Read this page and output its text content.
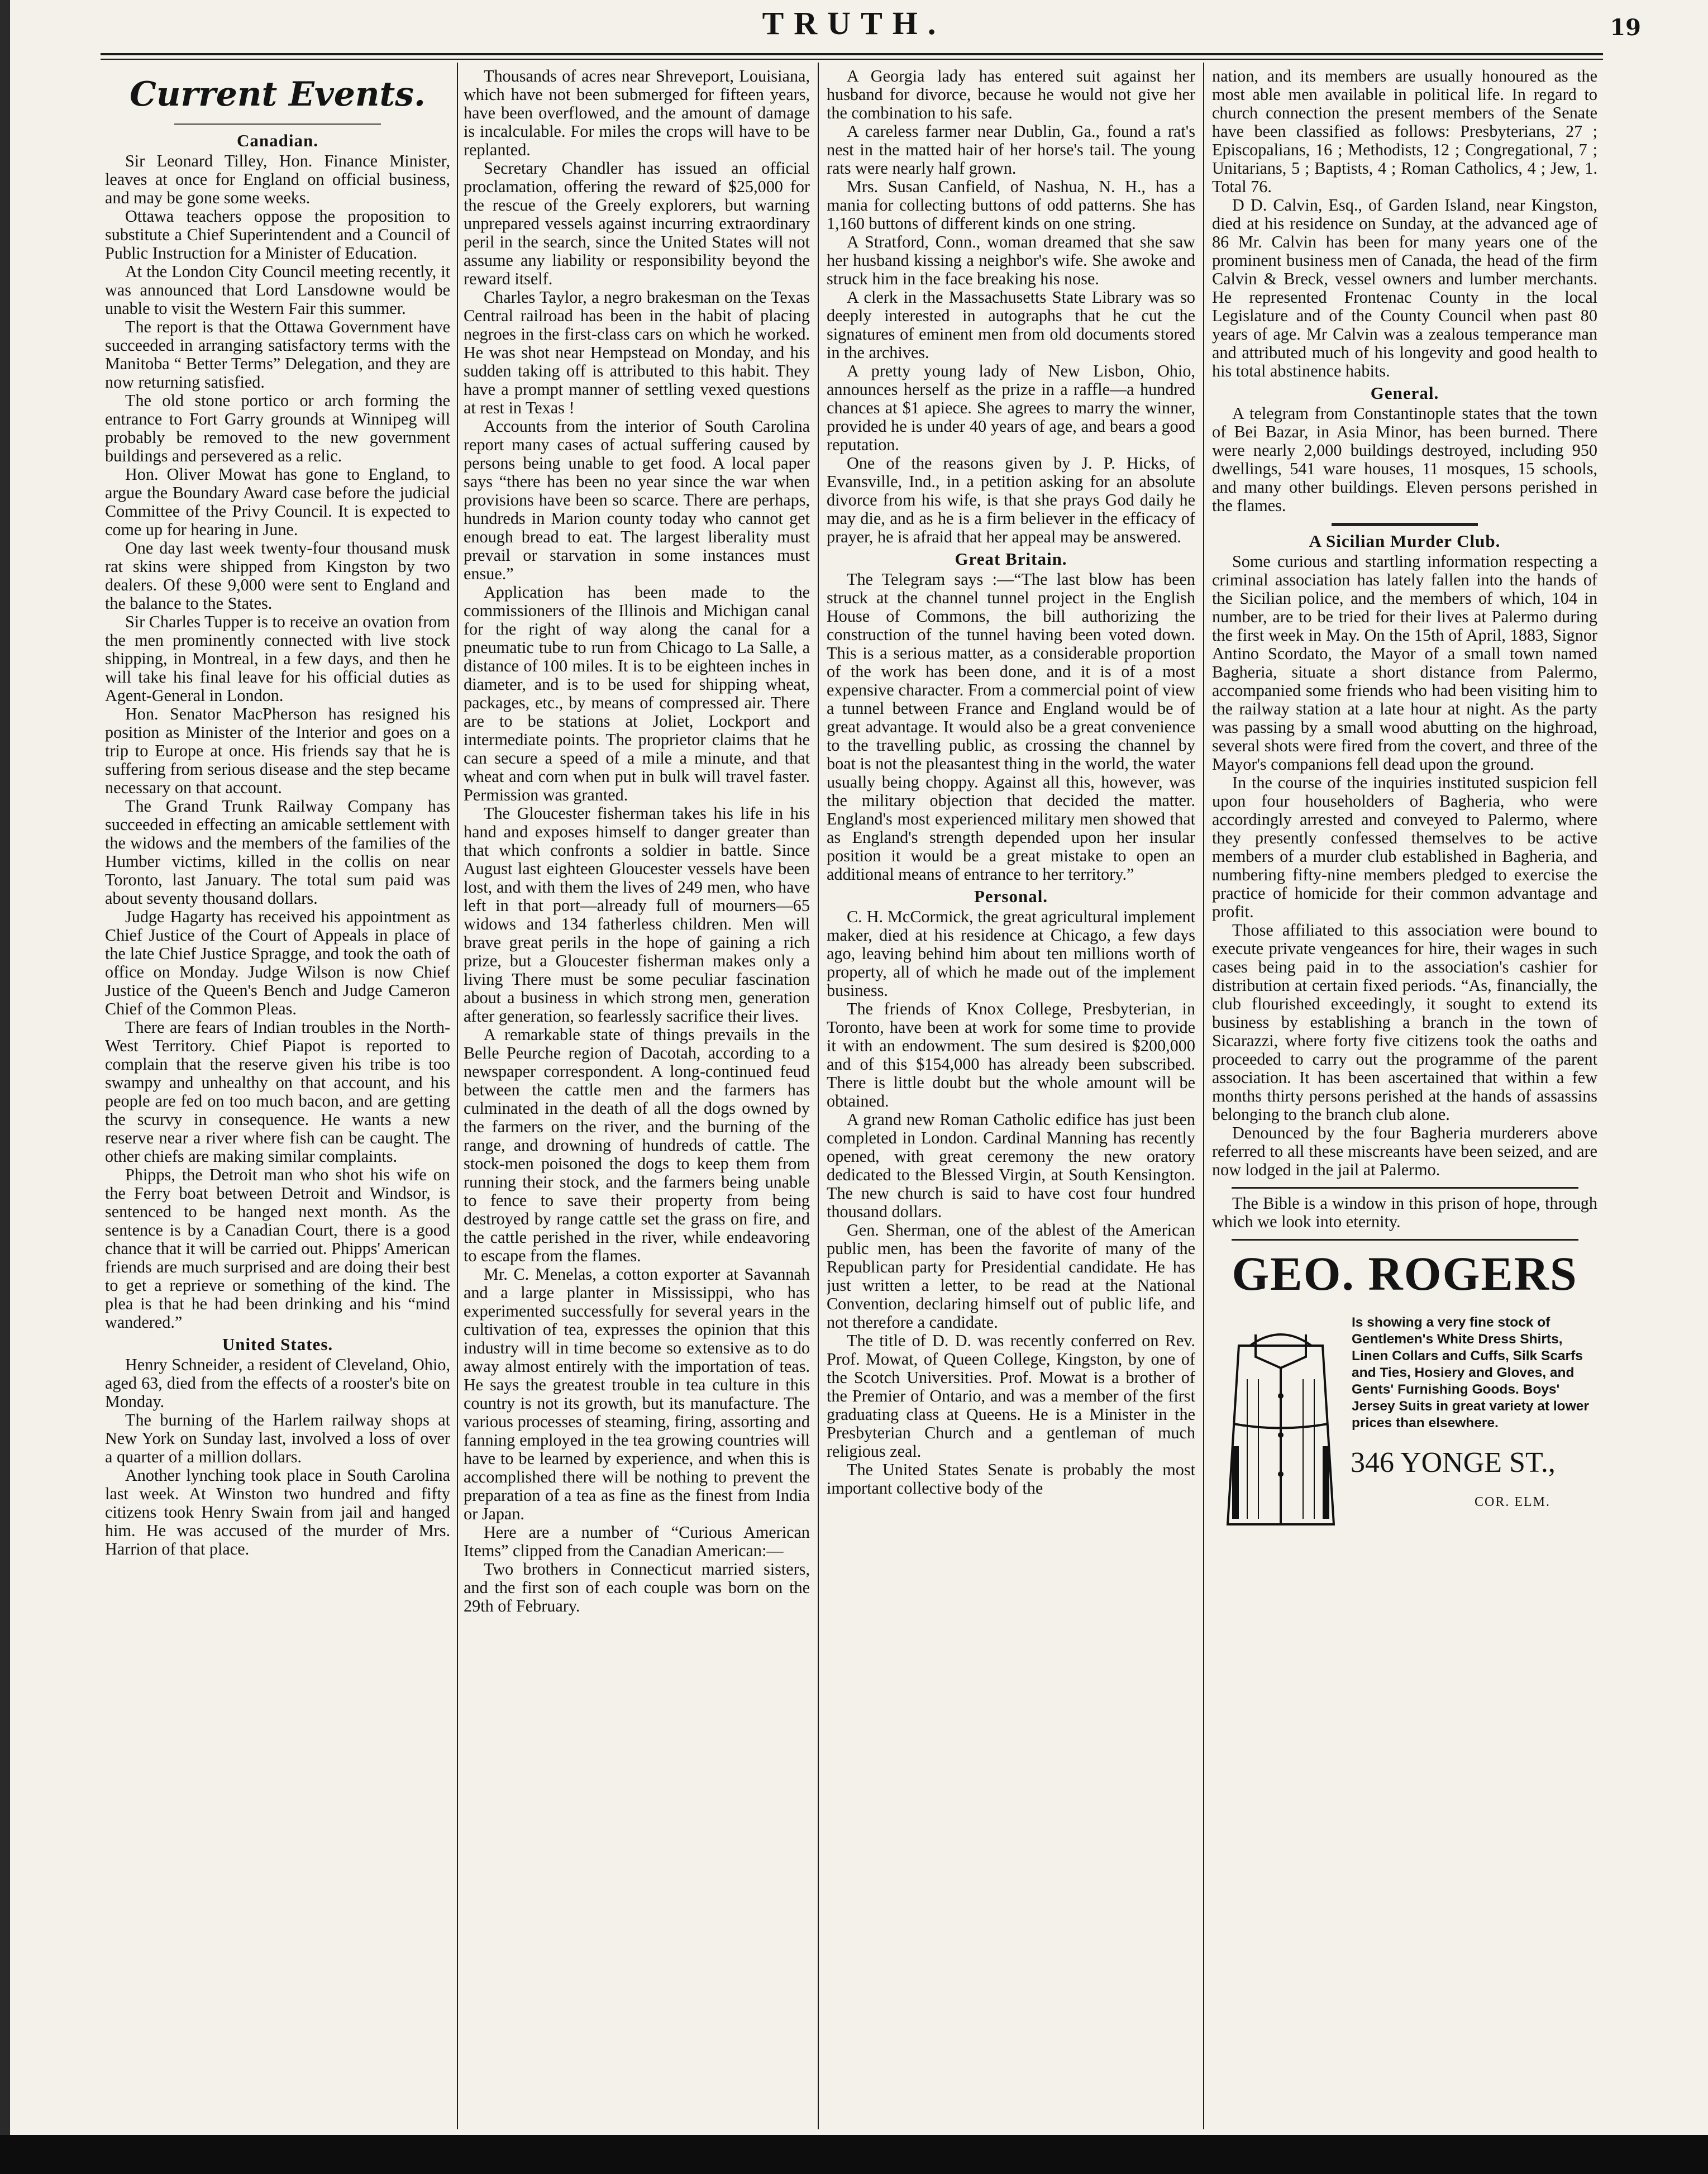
TRUTH.	19
Current Events.
Canadian.

Sir Leonard Tilley, Hon. Finance Minister, leaves at once for England on official business, and may be gone some weeks.

Ottawa teachers oppose the proposition to substitute a Chief Superintendent and a Council of Public Instruction for a Minister of Education.

At the London City Council meeting recently, it was announced that Lord Lansdowne would be unable to visit the Western Fair this summer.

The report is that the Ottawa Government have succeeded in arranging satisfactory terms with the Manitoba “ Better Terms” Delegation, and they are now returning satisfied.

The old stone portico or arch forming the entrance to Fort Garry grounds at Winnipeg will probably be removed to the new government buildings and persevered as a relic.

Hon. Oliver Mowat has gone to England, to argue the Boundary Award case before the judicial Committee of the Privy Council. It is expected to come up for hearing in June.

One day last week twenty-four thousand musk rat skins were shipped from Kingston by two dealers. Of these 9,000 were sent to England and the balance to the States.

Sir Charles Tupper is to receive an ovation from the men prominently connected with live stock shipping, in Montreal, in a few days, and then he will take his final leave for his official duties as Agent-General in London.

Hon. Senator MacPherson has resigned his position as Minister of the Interior and goes on a trip to Europe at once. His friends say that he is suffering from serious disease and the step became necessary on that account.

The Grand Trunk Railway Company has succeeded in effecting an amicable settlement with the widows and the members of the families of the Humber victims, killed in the collis on near Toronto, last January. The total sum paid was about seventy thousand dollars.

Judge Hagarty has received his appointment as Chief Justice of the Court of Appeals in place of the late Chief Justice Spragge, and took the oath of office on Monday. Judge Wilson is now Chief Justice of the Queen's Bench and Judge Cameron Chief of the Common Pleas.

There are fears of Indian troubles in the North-West Territory. Chief Piapot is reported to complain that the reserve given his tribe is too swampy and unhealthy on that account, and his people are fed on too much bacon, and are getting the scurvy in consequence. He wants a new reserve near a river where fish can be caught. The other chiefs are making similar complaints.

Phipps, the Detroit man who shot his wife on the Ferry boat between Detroit and Windsor, is sentenced to be hanged next month. As the sentence is by a Canadian Court, there is a good chance that it will be carried out. Phipps' American friends are much surprised and are doing their best to get a reprieve or something of the kind. The plea is that he had been drinking and his “mind wandered.”

United States.

Henry Schneider, a resident of Cleveland, Ohio, aged 63, died from the effects of a rooster's bite on Monday.

The burning of the Harlem railway shops at New York on Sunday last, involved a loss of over a quarter of a million dollars.

Another lynching took place in South Carolina last week. At Winston two hundred and fifty citizens took Henry Swain from jail and hanged him. He was accused of the murder of Mrs. Harrion of that place.

Thousands of acres near Shreveport, Louisiana, which have not been submerged for fifteen years, have been overflowed, and the amount of damage is incalculable. For miles the crops will have to be replanted.

Secretary Chandler has issued an official proclamation, offering the reward of $25,000 for the rescue of the Greely explorers, but warning unprepared vessels against incurring extraordinary peril in the search, since the United States will not assume any liability or responsibility beyond the reward itself.

Charles Taylor, a negro brakesman on the Texas Central railroad has been in the habit of placing negroes in the first-class cars on which he worked. He was shot near Hempstead on Monday, and his sudden taking off is attributed to this habit. They have a prompt manner of settling vexed questions at rest in Texas !

Accounts from the interior of South Carolina report many cases of actual suffering caused by persons being unable to get food. A local paper says “there has been no year since the war when provisions have been so scarce. There are perhaps, hundreds in Marion county today who cannot get enough bread to eat. The largest liberality must prevail or starvation in some instances must ensue.”

Application has been made to the commissioners of the Illinois and Michigan canal for the right of way along the canal for a pneumatic tube to run from Chicago to La Salle, a distance of 100 miles. It is to be eighteen inches in diameter, and is to be used for shipping wheat, packages, etc., by means of compressed air. There are to be stations at Joliet, Lockport and intermediate points. The proprietor claims that he can secure a speed of a mile a minute, and that wheat and corn when put in bulk will travel faster. Permission was granted.

The Gloucester fisherman takes his life in his hand and exposes himself to danger greater than that which confronts a soldier in battle. Since August last eighteen Gloucester vessels have been lost, and with them the lives of 249 men, who have left in that port—already full of mourners—65 widows and 134 fatherless children. Men will brave great perils in the hope of gaining a rich prize, but a Gloucester fisherman makes only a living There must be some peculiar fascination about a business in which strong men, generation after generation, so fearlessly sacrifice their lives.

A remarkable state of things prevails in the Belle Peurche region of Dacotah, according to a newspaper correspondent. A long-continued feud between the cattle men and the farmers has culminated in the death of all the dogs owned by the farmers on the river, and the burning of the range, and drowning of hundreds of cattle. The stock-men poisoned the dogs to keep them from running their stock, and the farmers being unable to fence to save their property from being destroyed by range cattle set the grass on fire, and the cattle perished in the river, while endeavoring to escape from the flames.

Mr. C. Menelas, a cotton exporter at Savannah and a large planter in Mississippi, who has experimented successfully for several years in the cultivation of tea, expresses the opinion that this industry will in time become so extensive as to do away almost entirely with the importation of teas. He says the greatest trouble in tea culture in this country is not its growth, but its manufacture. The various processes of steaming, firing, assorting and fanning employed in the tea growing countries will have to be learned by experience, and when this is accomplished there will be nothing to prevent the preparation of a tea as fine as the finest from India or Japan.

Here are a number of “Curious American Items” clipped from the Canadian American:—

Two brothers in Connecticut married sisters, and the first son of each couple was born on the 29th of February.

A Georgia lady has entered suit against her husband for divorce, because he would not give her the combination to his safe.

A careless farmer near Dublin, Ga., found a rat's nest in the matted hair of her horse's tail. The young rats were nearly half grown.

Mrs. Susan Canfield, of Nashua, N. H., has a mania for collecting buttons of odd patterns. She has 1,160 buttons of different kinds on one string.

A Stratford, Conn., woman dreamed that she saw her husband kissing a neighbor's wife. She awoke and struck him in the face breaking his nose.

A clerk in the Massachusetts State Library was so deeply interested in autographs that he cut the signatures of eminent men from old documents stored in the archives.

A pretty young lady of New Lisbon, Ohio, announces herself as the prize in a raffle—a hundred chances at $1 apiece. She agrees to marry the winner, provided he is under 40 years of age, and bears a good reputation.

One of the reasons given by J. P. Hicks, of Evansville, Ind., in a petition asking for an absolute divorce from his wife, is that she prays God daily he may die, and as he is a firm believer in the efficacy of prayer, he is afraid that her appeal may be answered.

Great Britain.

The Telegram says :—“The last blow has been struck at the channel tunnel project in the English House of Commons, the bill authorizing the construction of the tunnel having been voted down. This is a serious matter, as a considerable proportion of the work has been done, and it is of a most expensive character. From a commercial point of view a tunnel between France and England would be of great advantage. It would also be a great convenience to the travelling public, as crossing the channel by boat is not the pleasantest thing in the world, the water usually being choppy. Against all this, however, was the military objection that decided the matter. England's most experienced military men showed that as England's strength depended upon her insular position it would be a great mistake to open an additional means of entrance to her territory.”

Personal.

C. H. McCormick, the great agricultural implement maker, died at his residence at Chicago, a few days ago, leaving behind him about ten millions worth of property, all of which he made out of the implement business.

The friends of Knox College, Presbyterian, in Toronto, have been at work for some time to provide it with an endowment. The sum desired is $200,000 and of this $154,000 has already been subscribed. There is little doubt but the whole amount will be obtained.

A grand new Roman Catholic edifice has just been completed in London. Cardinal Manning has recently opened, with great ceremony the new oratory dedicated to the Blessed Virgin, at South Kensington. The new church is said to have cost four hundred thousand dollars.

Gen. Sherman, one of the ablest of the American public men, has been the favorite of many of the Republican party for Presidential candidate. He has just written a letter, to be read at the National Convention, declaring himself out of public life, and not therefore a candidate.

The title of D. D. was recently conferred on Rev. Prof. Mowat, of Queen College, Kingston, by one of the Scotch Universities. Prof. Mowat is a brother of the Premier of Ontario, and was a member of the first graduating class at Queens. He is a Minister in the Presbyterian Church and a gentleman of much religious zeal.

The United States Senate is probably the most important collective body of the

nation, and its members are usually honoured as the most able men available in political life. In regard to church connection the present members of the Senate have been classified as follows: Presbyterians, 27 ; Episcopalians, 16 ; Methodists, 12 ; Congregational, 7 ; Unitarians, 5 ; Baptists, 4 ; Roman Catholics, 4 ; Jew, 1. Total 76.

D D. Calvin, Esq., of Garden Island, near Kingston, died at his residence on Sunday, at the advanced age of 86 Mr. Calvin has been for many years one of the prominent business men of Canada, the head of the firm Calvin & Breck, vessel owners and lumber merchants. He represented Frontenac County in the local Legislature and of the County Council when past 80 years of age. Mr Calvin was a zealous temperance man and attributed much of his longevity and good health to his total abstinence habits.

General.

A telegram from Constantinople states that the town of Bei Bazar, in Asia Minor, has been burned. There were nearly 2,000 buildings destroyed, including 950 dwellings, 541 ware houses, 11 mosques, 15 schools, and many other buildings. Eleven persons perished in the flames.

A Sicilian Murder Club.

Some curious and startling information respecting a criminal association has lately fallen into the hands of the Sicilian police, and the members of which, 104 in number, are to be tried for their lives at Palermo during the first week in May. On the 15th of April, 1883, Signor Antino Scordato, the Mayor of a small town named Bagheria, situate a short distance from Palermo, accompanied some friends who had been visiting him to the railway station at a late hour at night. As the party was passing by a small wood abutting on the highroad, several shots were fired from the covert, and three of the Mayor's companions fell dead upon the ground.

In the course of the inquiries instituted suspicion fell upon four householders of Bagheria, who were accordingly arrested and conveyed to Palermo, where they presently confessed themselves to be active members of a murder club established in Bagheria, and numbering fifty-nine members pledged to exercise the practice of homicide for their common advantage and profit.

Those affiliated to this association were bound to execute private vengeances for hire, their wages in such cases being paid in to the association's cashier for distribution at certain fixed periods. “As, financially, the club flourished exceedingly, it sought to extend its business by establishing a branch in the town of Sicarazzi, where forty five citizens took the oaths and proceeded to carry out the programme of the parent association. It has been ascertained that within a few months thirty persons perished at the hands of assassins belonging to the branch club alone.

Denounced by the four Bagheria murderers above referred to all these miscreants have been seized, and are now lodged in the jail at Palermo.

The Bible is a window in this prison of hope, through which we look into eternity.

GEO. ROGERS
Is showing a very fine stock of Gentlemen's White Dress Shirts, Linen Collars and Cuffs, Silk Scarfs and Ties, Hosiery and Gloves, and Gents' Furnishing Goods. Boys' Jersey Suits in great variety at lower prices than elsewhere.
346 YONGE ST.,
COR. ELM.
